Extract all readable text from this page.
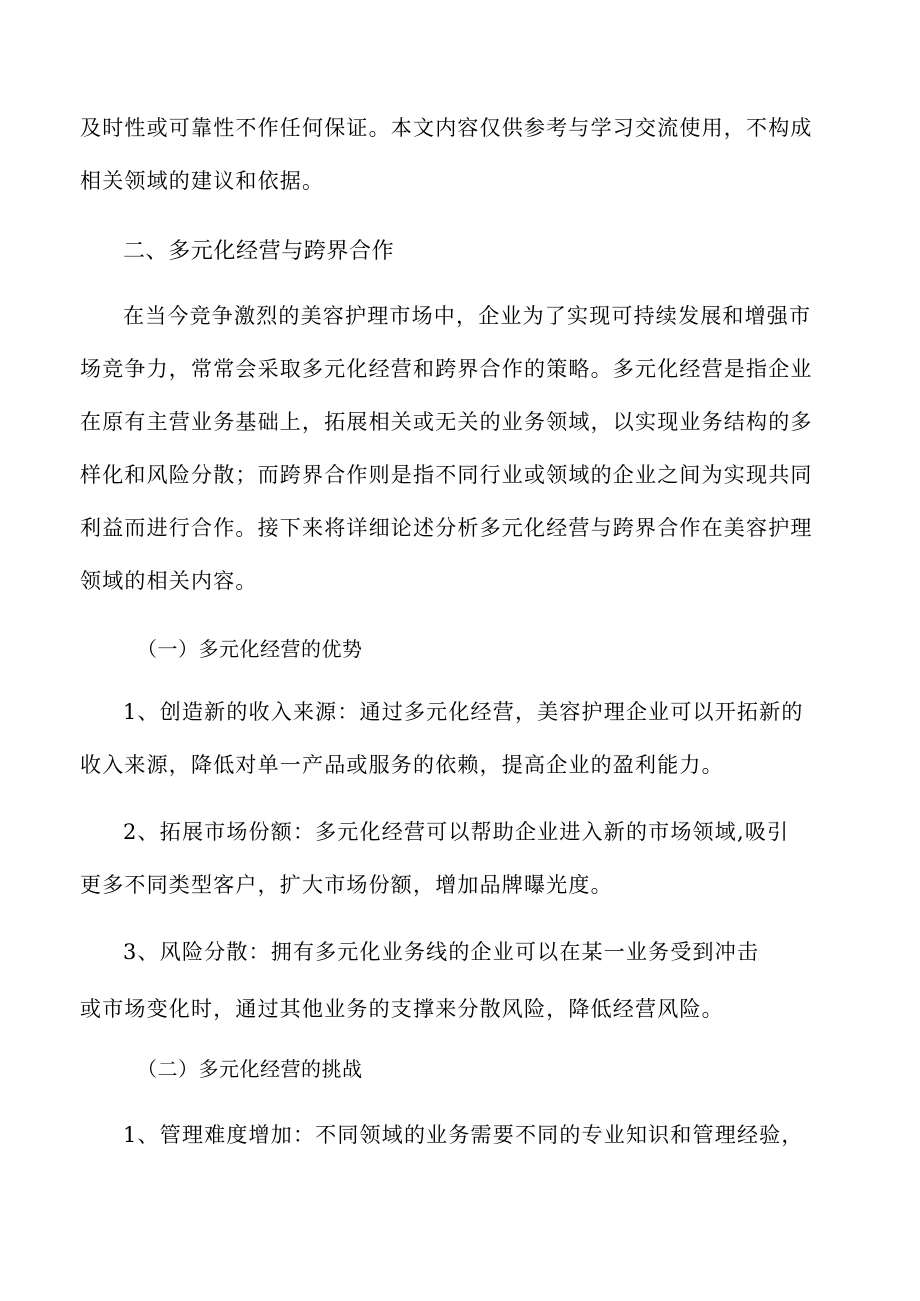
及时性或可靠性不作任何保证。本文内容仅供参考与学习交流使用，不构成
相关领域的建议和依据。
二、多元化经营与跨界合作
在当今竞争激烈的美容护理市场中，企业为了实现可持续发展和增强市
场竞争力，常常会采取多元化经营和跨界合作的策略。多元化经营是指企业
在原有主营业务基础上，拓展相关或无关的业务领域，以实现业务结构的多
样化和风险分散；而跨界合作则是指不同行业或领域的企业之间为实现共同
利益而进行合作。接下来将详细论述分析多元化经营与跨界合作在美容护理
领域的相关内容。
（一）多元化经营的优势
1、创造新的收入来源：通过多元化经营，美容护理企业可以开拓新的
收入来源，降低对单一产品或服务的依赖，提高企业的盈利能力。
2、拓展市场份额：多元化经营可以帮助企业进入新的市场领域,吸引
更多不同类型客户，扩大市场份额，增加品牌曝光度。
3、风险分散：拥有多元化业务线的企业可以在某一业务受到冲击
或市场变化时，通过其他业务的支撑来分散风险，降低经营风险。
（二）多元化经营的挑战
1、管理难度增加：不同领域的业务需要不同的专业知识和管理经验，
